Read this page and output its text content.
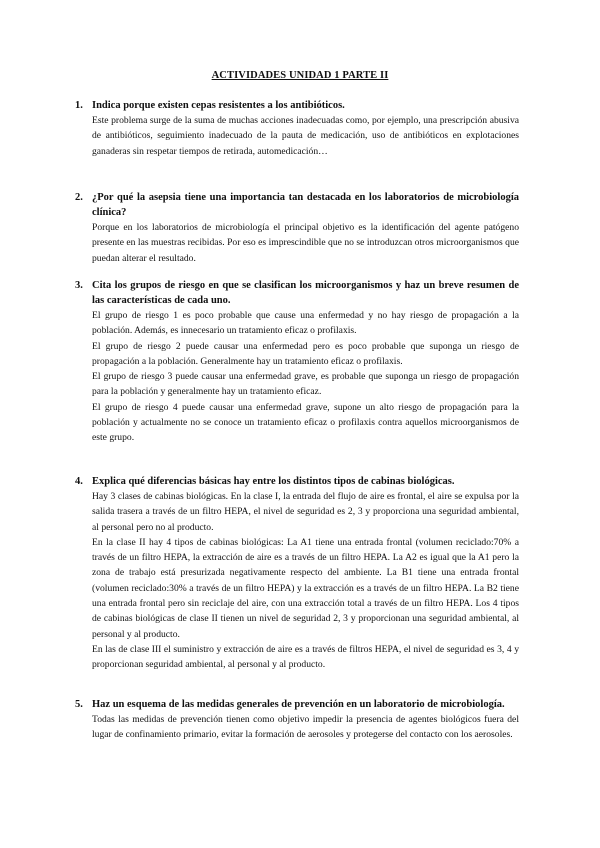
ACTIVIDADES UNIDAD 1 PARTE II
1. Indica porque existen cepas resistentes a los antibióticos.

Este problema surge de la suma de muchas acciones inadecuadas como, por ejemplo, una prescripción abusiva de antibióticos, seguimiento inadecuado de la pauta de medicación, uso de antibióticos en explotaciones ganaderas sin respetar tiempos de retirada, automedicación…

2. ¿Por qué la asepsia tiene una importancia tan destacada en los laboratorios de microbiología clínica?

Porque en los laboratorios de microbiología el principal objetivo es la identificación del agente patógeno presente en las muestras recibidas. Por eso es imprescindible que no se introduzcan otros microorganismos que puedan alterar el resultado.

3. Cita los grupos de riesgo en que se clasifican los microorganismos y haz un breve resumen de las características de cada uno.

El grupo de riesgo 1 es poco probable que cause una enfermedad y no hay riesgo de propagación a la población. Además, es innecesario un tratamiento eficaz o profilaxis.

El grupo de riesgo 2 puede causar una enfermedad pero es poco probable que suponga un riesgo de propagación a la población. Generalmente hay un tratamiento eficaz o profilaxis.

El grupo de riesgo 3 puede causar una enfermedad grave, es probable que suponga un riesgo de propagación para la población y generalmente hay un tratamiento eficaz.

El grupo de riesgo 4 puede causar una enfermedad grave, supone un alto riesgo de propagación para la población y actualmente no se conoce un tratamiento eficaz o profilaxis contra aquellos microorganismos de este grupo.

4. Explica qué diferencias básicas hay entre los distintos tipos de cabinas biológicas.

Hay 3 clases de cabinas biológicas. En la clase I, la entrada del flujo de aire es frontal, el aire se expulsa por la salida trasera a través de un filtro HEPA, el nivel de seguridad es 2, 3 y proporciona una seguridad ambiental, al personal pero no al producto.

En la clase II hay 4 tipos de cabinas biológicas: La A1 tiene una entrada frontal (volumen reciclado:70% a través de un filtro HEPA, la extracción de aire es a través de un filtro HEPA. La A2 es igual que la A1 pero la zona de trabajo está presurizada negativamente respecto del ambiente. La B1 tiene una entrada frontal (volumen reciclado:30% a través de un filtro HEPA) y la extracción es a través de un filtro HEPA. La B2 tiene una entrada frontal pero sin reciclaje del aire, con una extracción total a través de un filtro HEPA. Los 4 tipos de cabinas biológicas de clase II tienen un nivel de seguridad 2, 3 y proporcionan una seguridad ambiental, al personal y al producto.

En las de clase III el suministro y extracción de aire es a través de filtros HEPA, el nivel de seguridad es 3, 4 y proporcionan seguridad ambiental, al personal y al producto.

5. Haz un esquema de las medidas generales de prevención en un laboratorio de microbiología.

Todas las medidas de prevención tienen como objetivo impedir la presencia de agentes biológicos fuera del lugar de confinamiento primario, evitar la formación de aerosoles y protegerse del contacto con los aerosoles.
